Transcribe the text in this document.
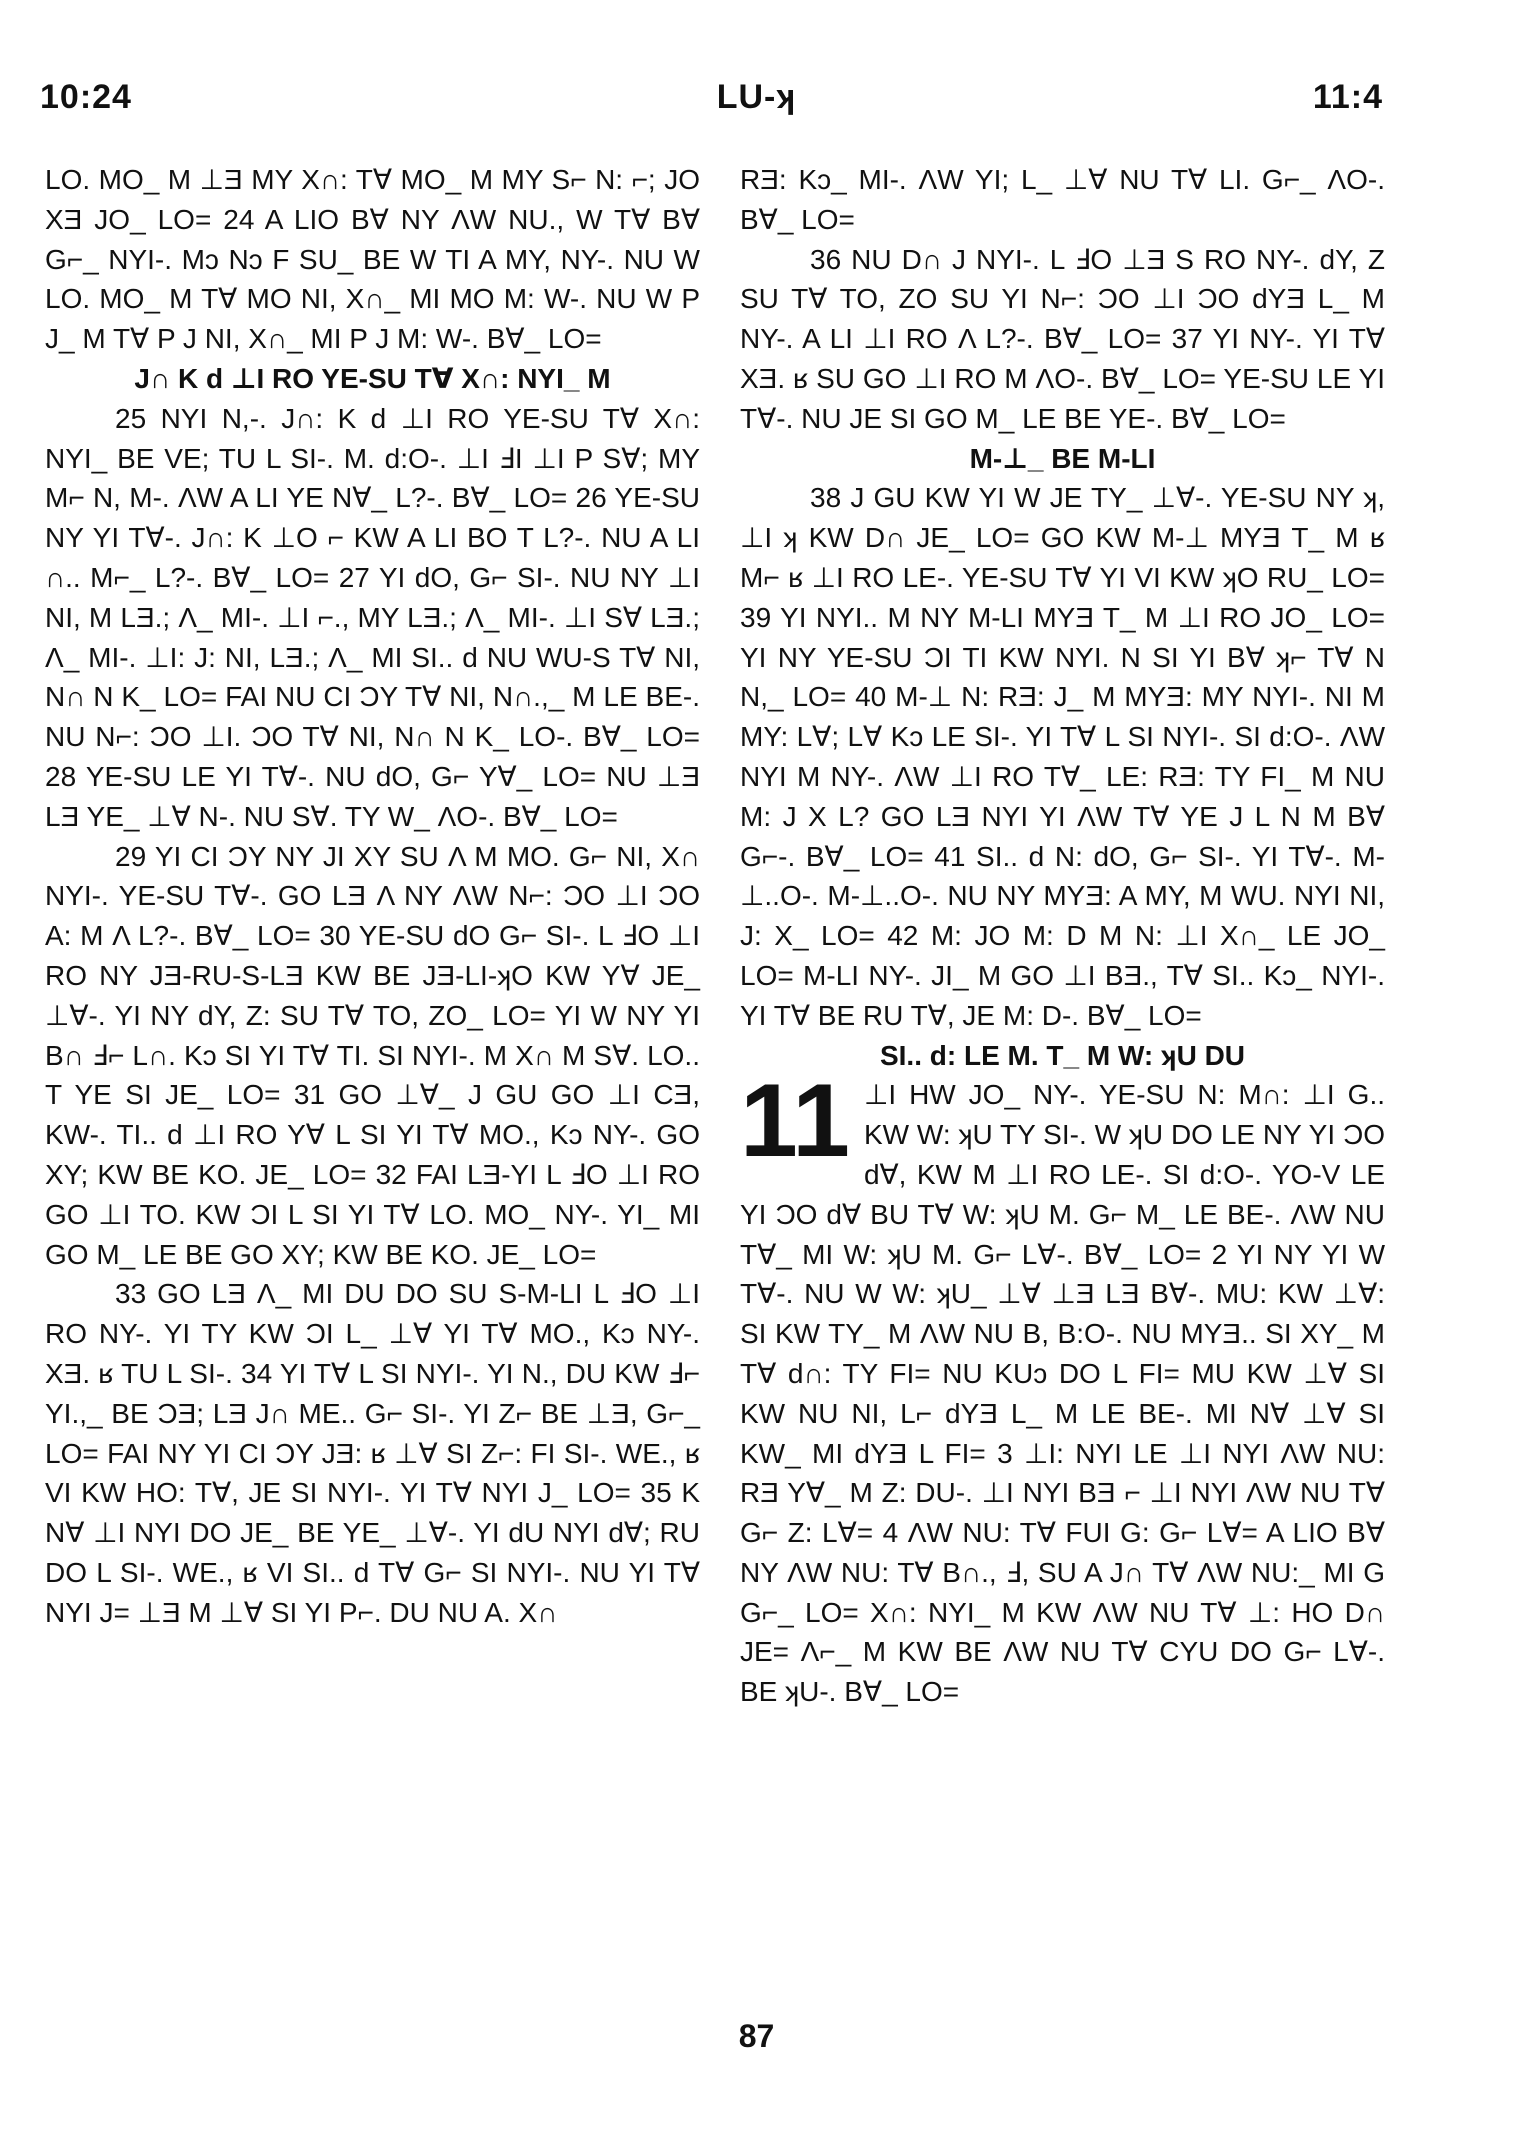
10:24	LU-ʞ	11:4

LO. MO_ M ⊥Ǝ MY X∩: T∀ MO_ M MY S⌐ N: ⌐; JO XƎ JO_ LO= 24 A LIO B∀ NY ΛW NU., W T∀ B∀ G⌐_ NYI-. Mɔ Nɔ F SU_ BE W TI A MY, NY-. NU W LO. MO_ M T∀ MO NI, X∩_ MI MO M: W-. NU W P J_ M T∀ P J NI, X∩_ MI P J M: W-. B∀_ LO=

J∩ K d ⊥I RO YE-SU T∀ X∩: NYI_ M

25 NYI N,-. J∩: K d ⊥I RO YE-SU T∀ X∩: NYI_ BE VE; TU L SI-. M. d:O-. ⊥I ℲI ⊥I P S∀; MY M⌐ N, M-. ΛW A LI YE N∀_ L?-. B∀_ LO= 26 YE-SU NY YI T∀-. J∩: K ⊥O ⌐ KW A LI BO T L?-. NU A LI ∩.. M⌐_ L?-. B∀_ LO= 27 YI dO, G⌐ SI-. NU NY ⊥I NI, M LƎ.; Λ_ MI-. ⊥I ⌐., MY LƎ.; Λ_ MI-. ⊥I S∀ LƎ.; Λ_ MI-. ⊥I: J: NI, LƎ.; Λ_ MI SI.. d NU WU-S T∀ NI, N∩ N K_ LO= FAI NU CI ƆY T∀ NI, N∩.,_ M LE BE-. NU N⌐: ƆO ⊥I. ƆO T∀ NI, N∩ N K_ LO-. B∀_ LO= 28 YE-SU LE YI T∀-. NU dO, G⌐ Y∀_ LO= NU ⊥Ǝ LƎ YE_ ⊥∀ N-. NU S∀. TY W_ ΛO-. B∀_ LO=

29 YI CI ƆY NY JI XY SU Λ M MO. G⌐ NI, X∩ NYI-. YE-SU T∀-. GO LƎ Λ NY ΛW N⌐: ƆO ⊥I ƆO A: M Λ L?-. B∀_ LO= 30 YE-SU dO G⌐ SI-. L ℲO ⊥I RO NY JƎ-RU-S-LƎ KW BE JƎ-LI-ʞO KW Y∀ JE_ ⊥∀-. YI NY dY, Z: SU T∀ TO, ZO_ LO= YI W NY YI B∩ Ⅎ⌐ L∩. Kɔ SI YI T∀ TI. SI NYI-. M X∩ M S∀. LO.. T YE SI JE_ LO= 31 GO ⊥∀_ J GU GO ⊥I CƎ, KW-. TI.. d ⊥I RO Y∀ L SI YI T∀ MO., Kɔ NY-. GO XY; KW BE KO. JE_ LO= 32 FAI LƎ-YI L ℲO ⊥I RO GO ⊥I TO. KW ƆI L SI YI T∀ LO. MO_ NY-. YI_ MI GO M_ LE BE GO XY; KW BE KO. JE_ LO=

33 GO LƎ Λ_ MI DU DO SU S-M-LI L ℲO ⊥I RO NY-. YI TY KW ƆI L_ ⊥∀ YI T∀ MO., Kɔ NY-. XƎ. ʁ TU L SI-. 34 YI T∀ L SI NYI-. YI N., DU KW Ⅎ⌐ YI.,_ BE ƆƎ; LƎ J∩ ME.. G⌐ SI-. YI Z⌐ BE ⊥Ǝ, G⌐_ LO= FAI NY YI CI ƆY JƎ: ʁ ⊥∀ SI Z⌐: FI SI-. WE., ʁ VI KW HO: T∀, JE SI NYI-. YI T∀ NYI J_ LO= 35 K N∀ ⊥I NYI DO JE_ BE YE_ ⊥∀-. YI dU NYI d∀; RU DO L SI-. WE., ʁ VI SI.. d T∀ G⌐ SI NYI-. NU YI T∀ NYI J= ⊥Ǝ M ⊥∀ SI YI P⌐. DU NU A. X∩

RƎ: Kɔ_ MI-. ΛW YI; L_ ⊥∀ NU T∀ LI. G⌐_ ΛO-. B∀_ LO=

36 NU D∩ J NYI-. L ℲO ⊥Ǝ S RO NY-. dY, Z SU T∀ TO, ZO SU YI N⌐: ƆO ⊥I ƆO dYƎ L_ M NY-. A LI ⊥I RO Λ L?-. B∀_ LO= 37 YI NY-. YI T∀ XƎ. ʁ SU GO ⊥I RO M ΛO-. B∀_ LO= YE-SU LE YI T∀-. NU JE SI GO M_ LE BE YE-. B∀_ LO=

M-⊥_ BE M-LI

38 J GU KW YI W JE TY_ ⊥∀-. YE-SU NY ʞ, ⊥I ʞ KW D∩ JE_ LO= GO KW M-⊥ MYƎ T_ M ʁ M⌐ ʁ ⊥I RO LE-. YE-SU T∀ YI VI KW ʞO RU_ LO= 39 YI NYI.. M NY M-LI MYƎ T_ M ⊥I RO JO_ LO= YI NY YE-SU ƆI TI KW NYI. N SI YI B∀ ʞ⌐ T∀ N N,_ LO= 40 M-⊥ N: RƎ: J_ M MYƎ: MY NYI-. NI M MY: L∀; L∀ Kɔ LE SI-. YI T∀ L SI NYI-. SI d:O-. ΛW NYI M NY-. ΛW ⊥I RO T∀_ LE: RƎ: TY FI_ M NU M: J X L? GO LƎ NYI YI ΛW T∀ YE J L N M B∀ G⌐-. B∀_ LO= 41 SI.. d N: dO, G⌐ SI-. YI T∀-. M-⊥..O-. M-⊥..O-. NU NY MYƎ: A MY, M WU. NYI NI, J: X_ LO= 42 M: JO M: D M N: ⊥I X∩_ LE JO_ LO= M-LI NY-. JI_ M GO ⊥I BƎ., T∀ SI.. Kɔ_ NYI-. YI T∀ BE RU T∀, JE M: D-. B∀_ LO=

SI.. d: LE M. T_ M W: ʞU DU

11 ⊥I HW JO_ NY-. YE-SU N: M∩: ⊥I G.. KW W: ʞU TY SI-. W ʞU DO LE NY YI ƆO d∀, KW M ⊥I RO LE-. SI d:O-. YO-V LE YI ƆO d∀ BU T∀ W: ʞU M. G⌐ M_ LE BE-. ΛW NU T∀_ MI W: ʞU M. G⌐ L∀-. B∀_ LO= 2 YI NY YI W T∀-. NU W W: ʞU_ ⊥∀ ⊥Ǝ LƎ B∀-. MU: KW ⊥∀: SI KW TY_ M ΛW NU B, B:O-. NU MYƎ.. SI XY_ M T∀ d∩: TY FI= NU KUɔ DO L FI= MU KW ⊥∀ SI KW NU NI, L⌐ dYƎ L_ M LE BE-. MI N∀ ⊥∀ SI KW_ MI dYƎ L FI= 3 ⊥I: NYI LE ⊥I NYI ΛW NU: RƎ Y∀_ M Z: DU-. ⊥I NYI BƎ ⌐ ⊥I NYI ΛW NU T∀ G⌐ Z: L∀= 4 ΛW NU: T∀ FUI G: G⌐ L∀= A LIO B∀ NY ΛW NU: T∀ B∩., Ⅎ, SU A J∩ T∀ ΛW NU:_ MI G G⌐_ LO= X∩: NYI_ M KW ΛW NU T∀ ⊥: HO D∩ JE= Λ⌐_ M KW BE ΛW NU T∀ CYU DO G⌐ L∀-. BE ʞU-. B∀_ LO=

87
